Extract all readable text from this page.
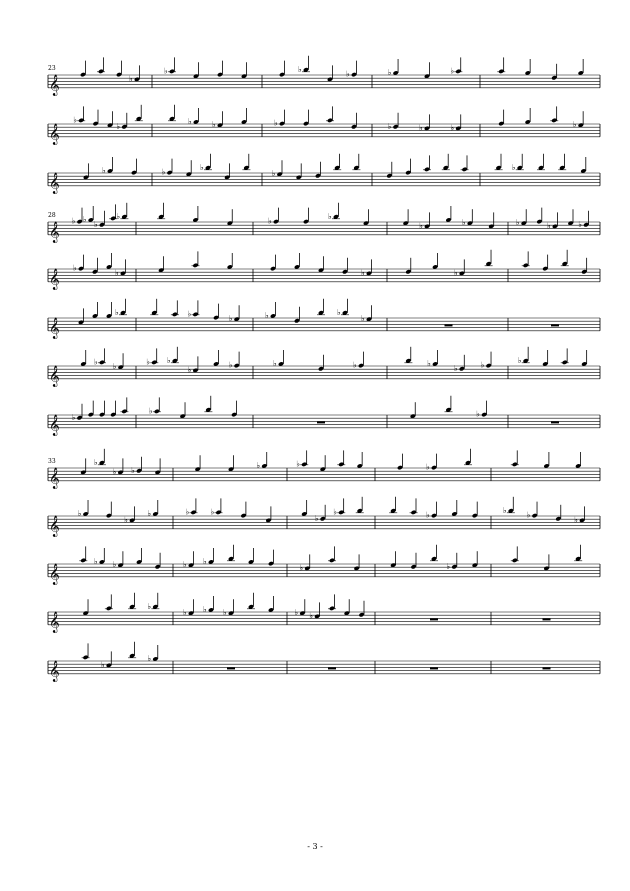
23
𝄞	♭
♭	♭
♭	♭	♭
𝄞
♭
♭
♭	♭	♭	♭	♭	♭	♭
𝄞
♭	♭
♭
♭
♭
28
𝄞
♭ ♭
♭
♭
♭
♭
♭	♭	♭	♭	♭
𝄞
♭
♭	♭	♭
𝄞
♭	♭
♭	♭	♭
♭
𝄞
♭
♭
♭ ♭
♭
♭	♭	♭	♭
♭	♭
♭
𝄞 ♭
♭	♭
33
𝄞
♭
♭ ♭
♭	♭	♭
𝄞
♭
♭
♭	♭	♭
♭
♭	♭
♭
♭
♭
𝄞
♭ ♭	♭ ♭
♭	♭
𝄞
♭
♭ ♭ ♭	♭ ♭
𝄞	♭
♭
- 3 -
